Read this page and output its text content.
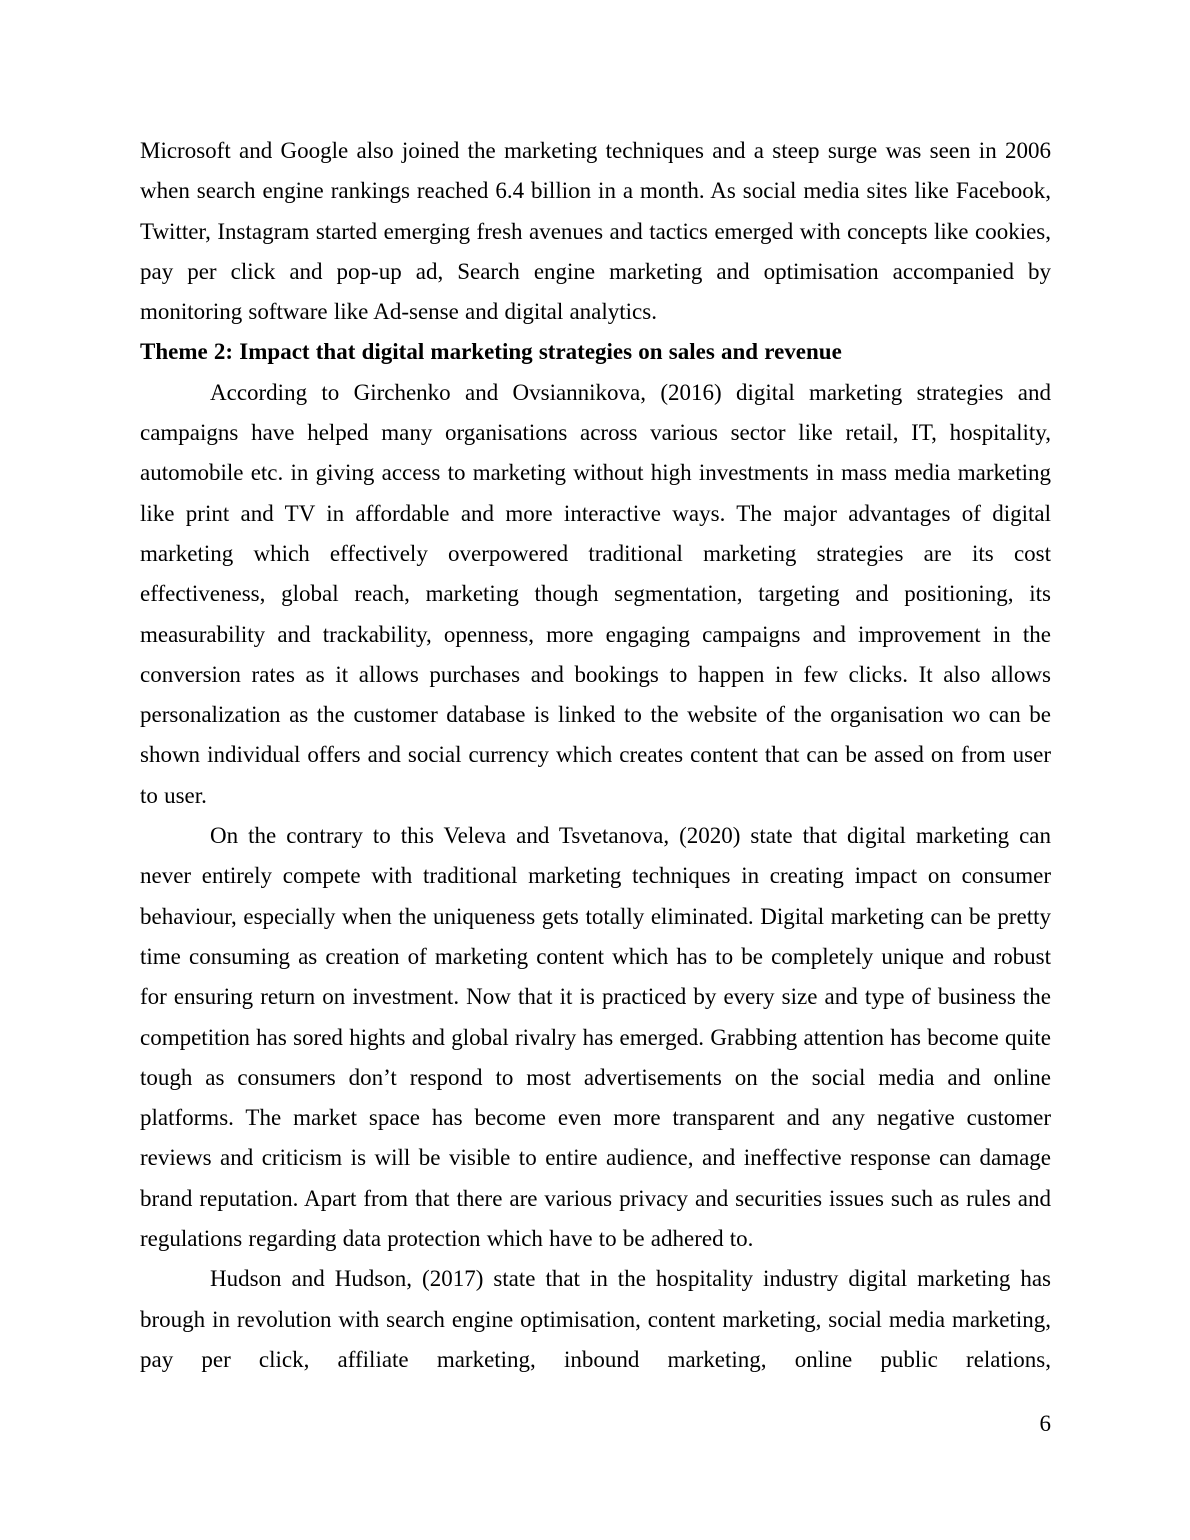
Microsoft and Google also joined the marketing techniques and a steep surge was seen in 2006 when search engine rankings reached 6.4 billion in a month. As social media sites like Facebook, Twitter, Instagram started emerging fresh avenues and tactics emerged with concepts like cookies, pay per click and pop-up ad, Search engine marketing and optimisation accompanied by monitoring software like Ad-sense and digital analytics.

Theme 2: Impact that digital marketing strategies on sales and revenue

According to Girchenko and Ovsiannikova, (2016) digital marketing strategies and campaigns have helped many organisations across various sector like retail, IT, hospitality, automobile etc. in giving access to marketing without high investments in mass media marketing like print and TV in affordable and more interactive ways. The major advantages of digital marketing which effectively overpowered traditional marketing strategies are its cost effectiveness, global reach, marketing though segmentation, targeting and positioning, its measurability and trackability, openness, more engaging campaigns and improvement in the conversion rates as it allows purchases and bookings to happen in few clicks. It also allows personalization as the customer database is linked to the website of the organisation wo can be shown individual offers and social currency which creates content that can be assed on from user to user.

On the contrary to this Veleva and Tsvetanova, (2020) state that digital marketing can never entirely compete with traditional marketing techniques in creating impact on consumer behaviour, especially when the uniqueness gets totally eliminated. Digital marketing can be pretty time consuming as creation of marketing content which has to be completely unique and robust for ensuring return on investment. Now that it is practiced by every size and type of business the competition has sored hights and global rivalry has emerged. Grabbing attention has become quite tough as consumers don’t respond to most advertisements on the social media and online platforms. The market space has become even more transparent and any negative customer reviews and criticism is will be visible to entire audience, and ineffective response can damage brand reputation. Apart from that there are various privacy and securities issues such as rules and regulations regarding data protection which have to be adhered to.

Hudson and Hudson, (2017) state that in the hospitality industry digital marketing has brough in revolution with search engine optimisation, content marketing, social media marketing, pay per click, affiliate marketing, inbound marketing, online public relations,

6
